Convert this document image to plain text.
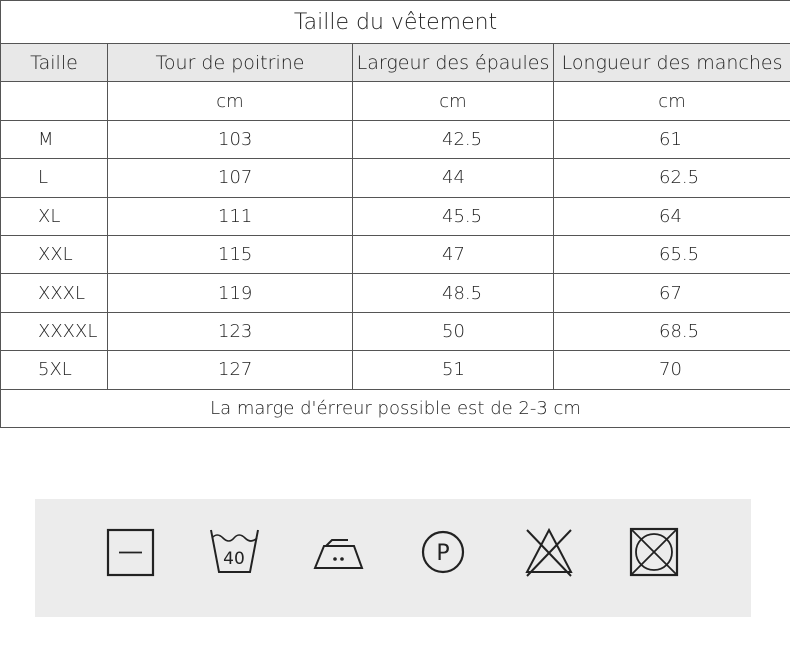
Taille du vêtement			
Taille	Tour de poitrine	Largeur des épaules	Longueur des manches
	cm	cm	cm
M	103	42.5	61
L	107	44	62.5
XL	111	45.5	64
XXL	115	47	65.5
XXXL	119	48.5	67
XXXXL	123	50	68.5
5XL	127	51	70
La marge d'érreur possible est de 2-3 cm			
40	P
